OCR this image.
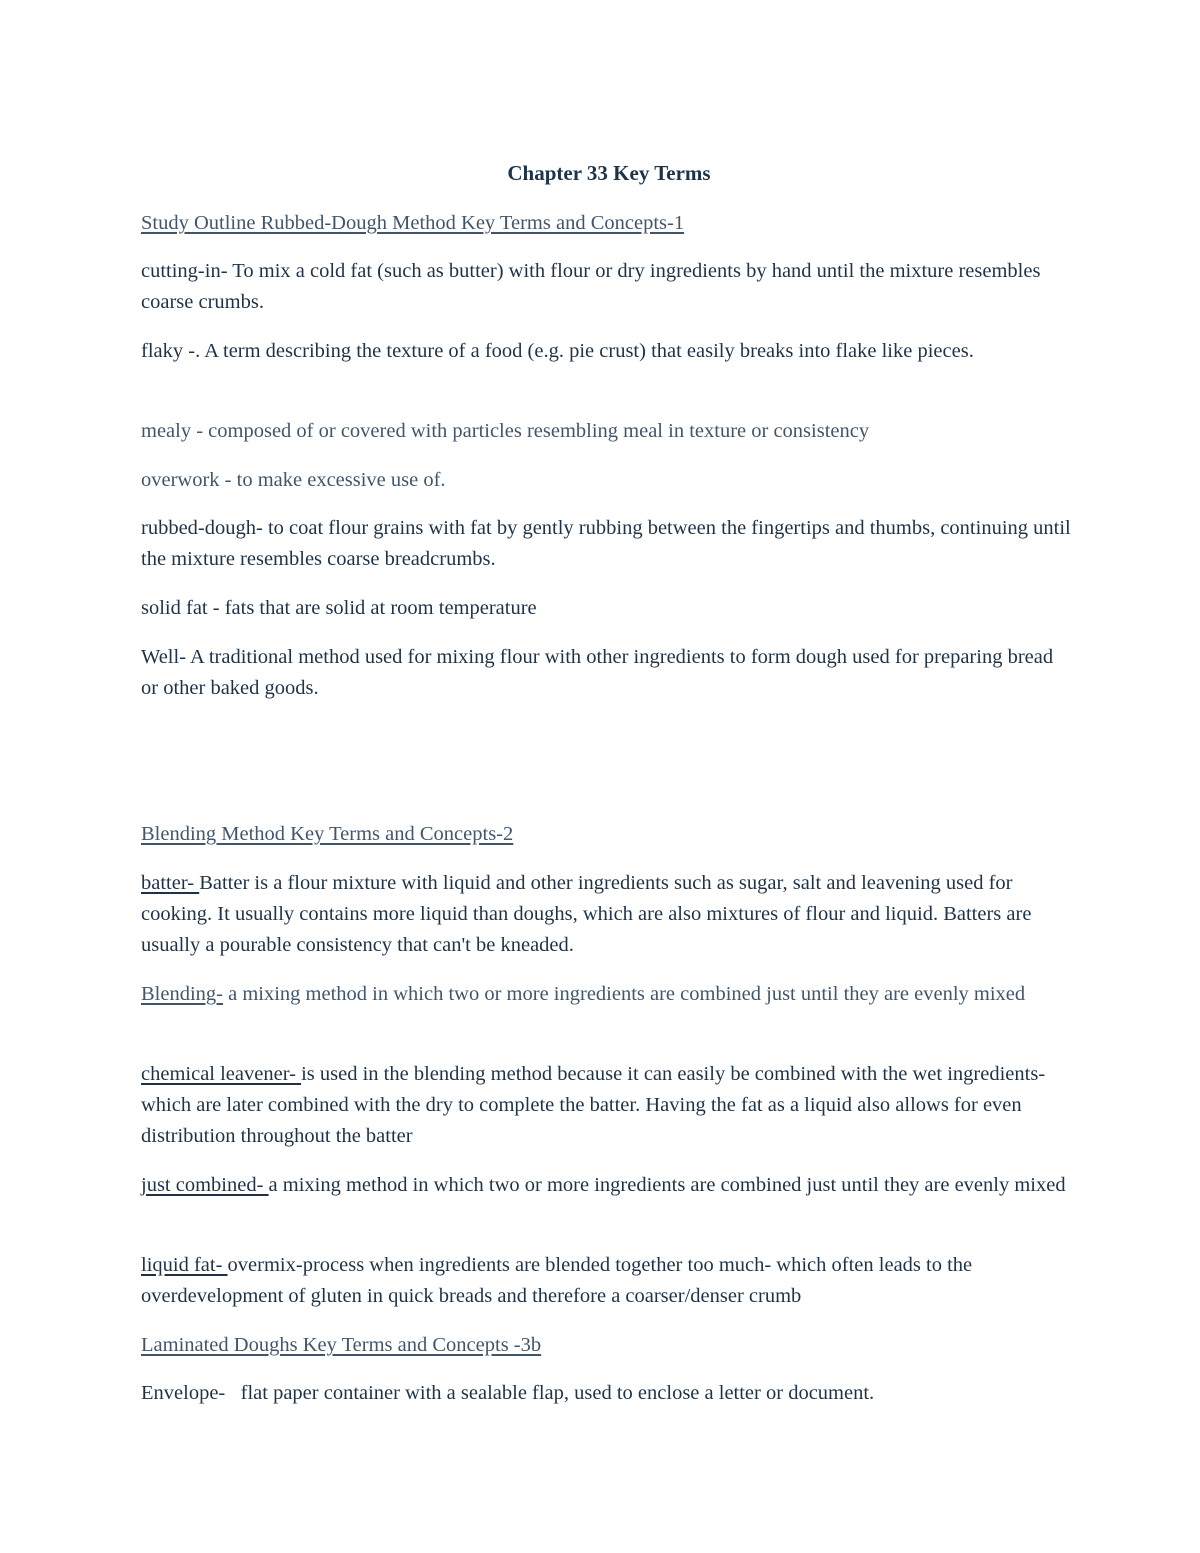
Chapter 33 Key Terms

Study Outline Rubbed-Dough Method Key Terms and Concepts-1

cutting-in- To mix a cold fat (such as butter) with flour or dry ingredients by hand until the mixture resembles coarse crumbs.

flaky -. A term describing the texture of a food (e.g. pie crust) that easily breaks into flake like pieces.

mealy - composed of or covered with particles resembling meal in texture or consistency

overwork - to make excessive use of.

rubbed-dough- to coat flour grains with fat by gently rubbing between the fingertips and thumbs, continuing until the mixture resembles coarse breadcrumbs.

solid fat - fats that are solid at room temperature

Well- A traditional method used for mixing flour with other ingredients to form dough used for preparing bread or other baked goods.

Blending Method Key Terms and Concepts-2

batter- Batter is a flour mixture with liquid and other ingredients such as sugar, salt and leavening used for cooking. It usually contains more liquid than doughs, which are also mixtures of flour and liquid. Batters are usually a pourable consistency that can't be kneaded.

Blending- a mixing method in which two or more ingredients are combined just until they are evenly mixed

chemical leavener- is used in the blending method because it can easily be combined with the wet ingredients- which are later combined with the dry to complete the batter. Having the fat as a liquid also allows for even distribution throughout the batter

just combined- a mixing method in which two or more ingredients are combined just until they are evenly mixed

liquid fat- overmix-process when ingredients are blended together too much- which often leads to the overdevelopment of gluten in quick breads and therefore a coarser/denser crumb

Laminated Doughs Key Terms and Concepts -3b

Envelope-   flat paper container with a sealable flap, used to enclose a letter or document.
